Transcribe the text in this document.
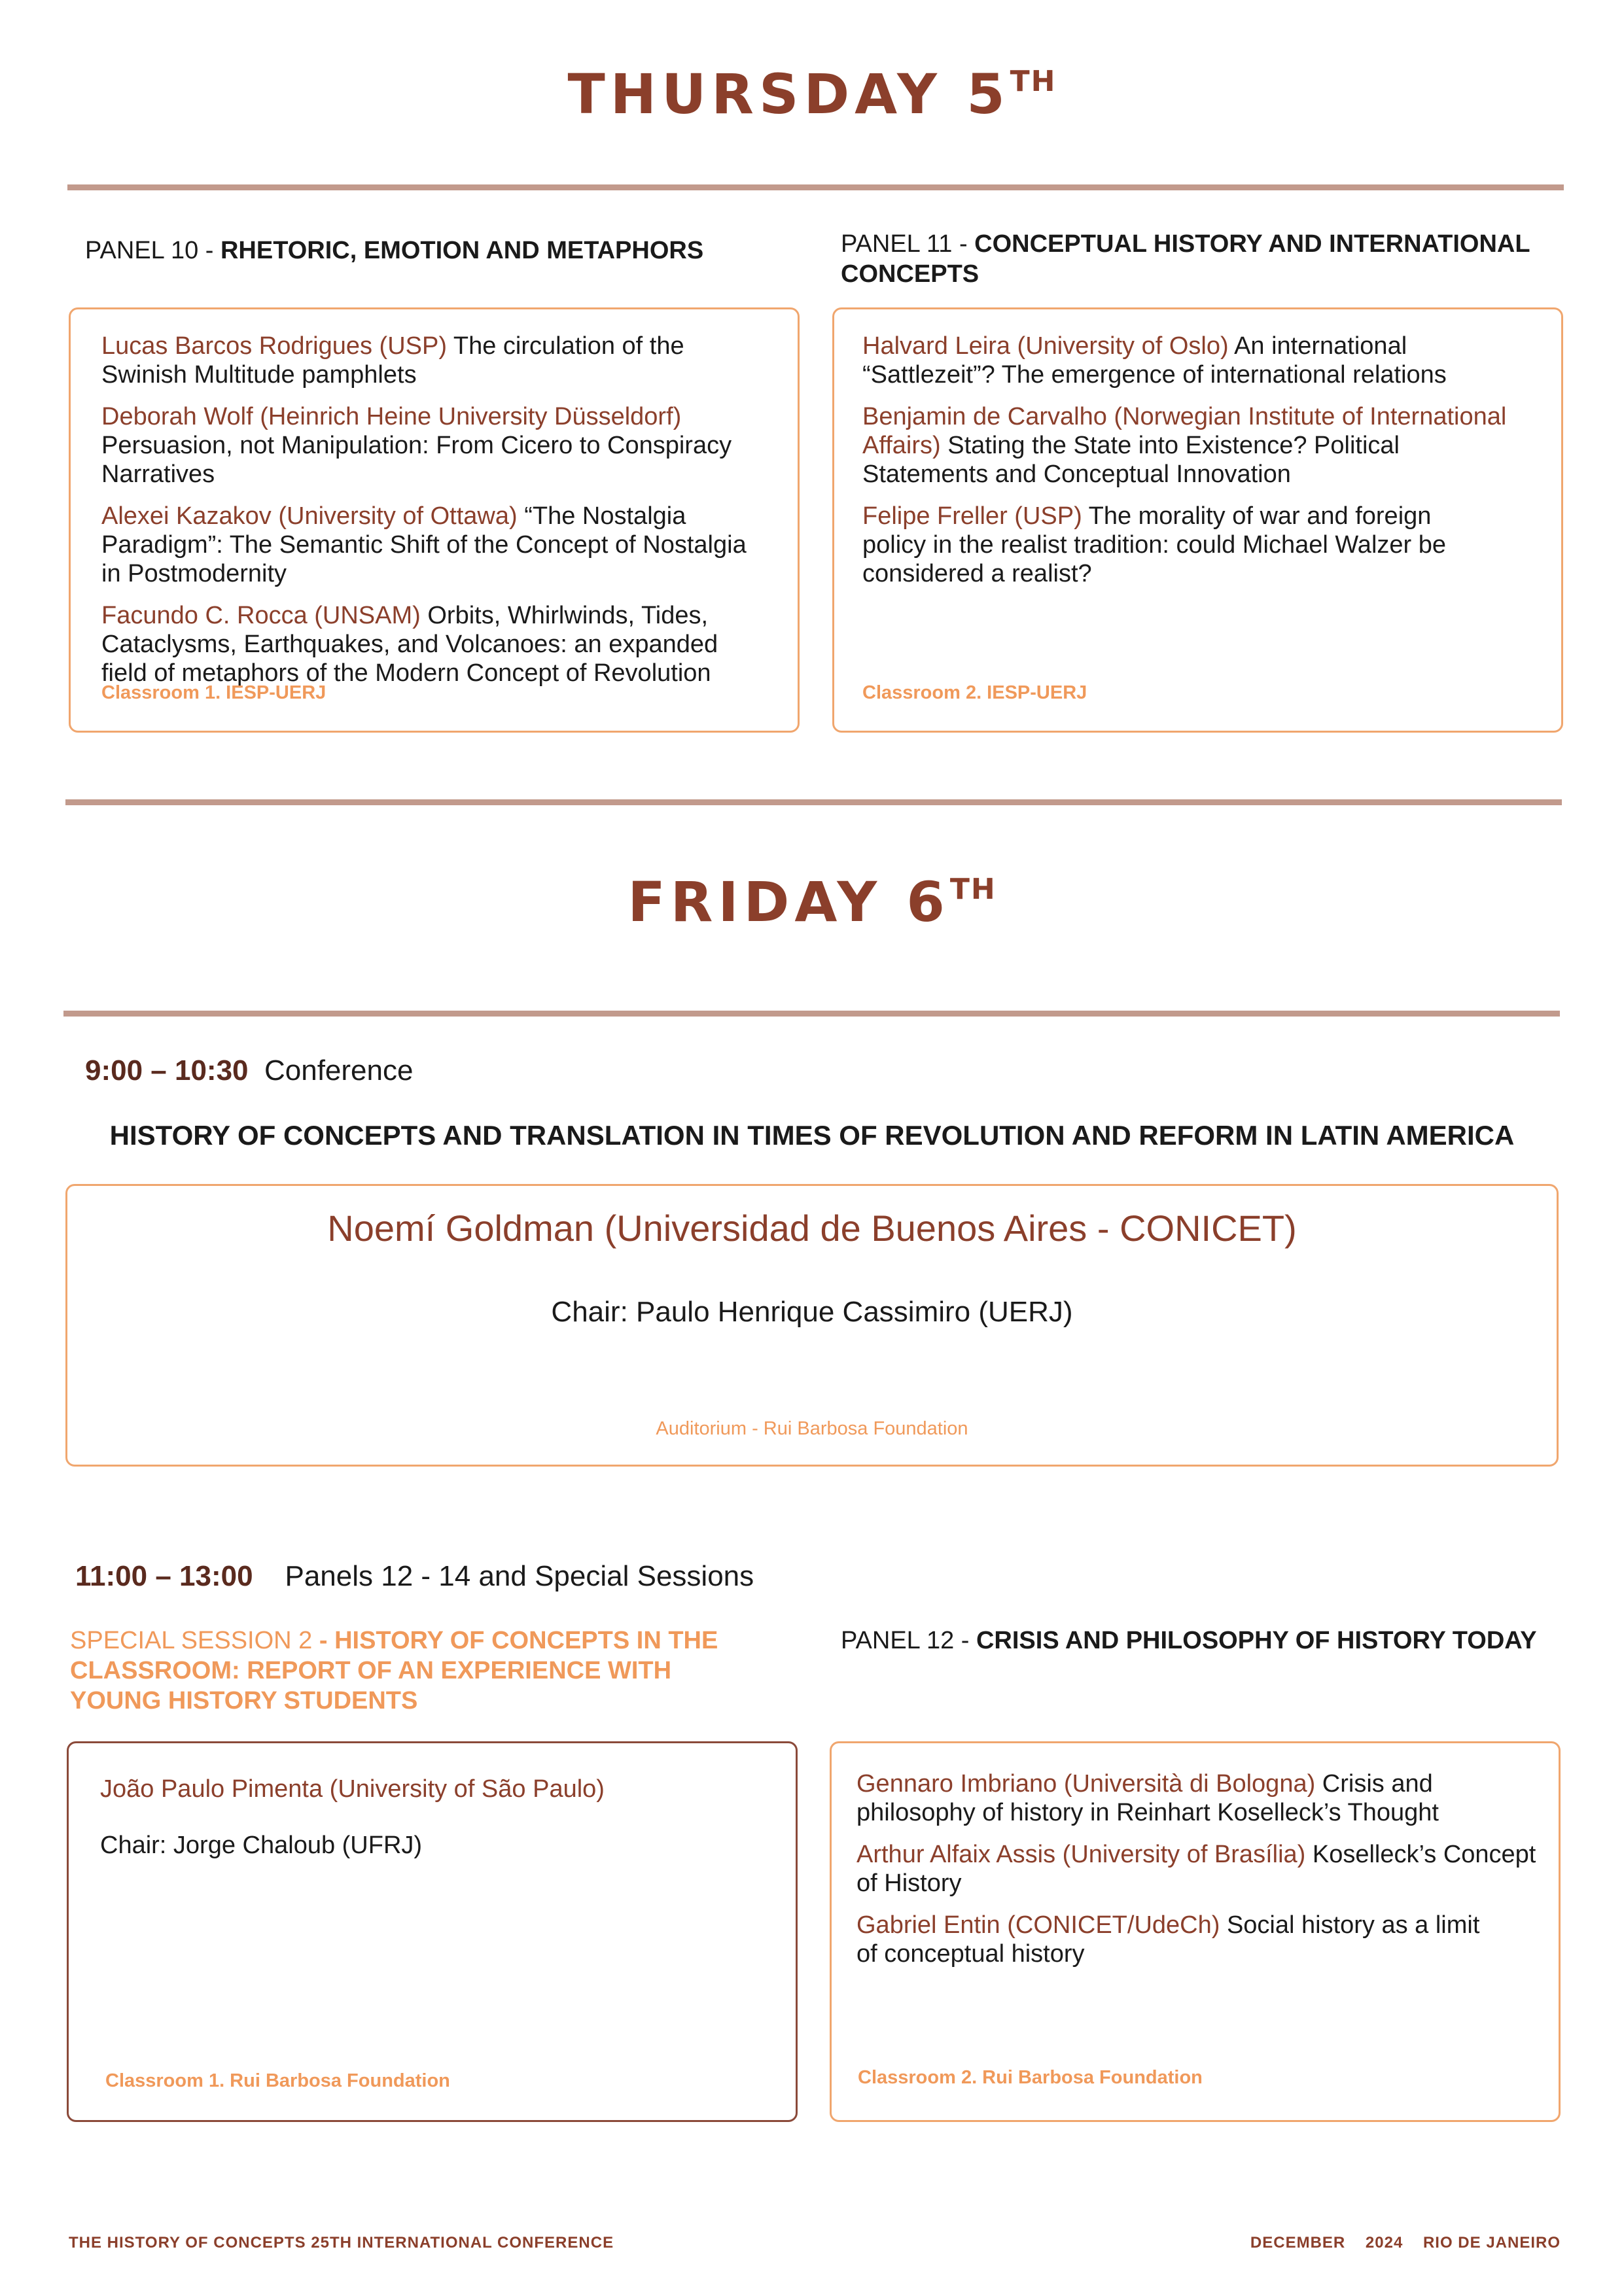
THURSDAY 5TH
PANEL 10 - RHETORIC, EMOTION AND METAPHORS
Lucas Barcos Rodrigues (USP) The circulation of the Swinish Multitude pamphlets
Deborah Wolf (Heinrich Heine University Düsseldorf) Persuasion, not Manipulation: From Cicero to Conspiracy Narratives
Alexei Kazakov (University of Ottawa) “The Nostalgia Paradigm”: The Semantic Shift of the Concept of Nostalgia in Postmodernity
Facundo C. Rocca (UNSAM) Orbits, Whirlwinds, Tides, Cataclysms, Earthquakes, and Volcanoes: an expanded field of metaphors of the Modern Concept of Revolution
Classroom 1. IESP-UERJ
PANEL 11 - CONCEPTUAL HISTORY AND INTERNATIONAL CONCEPTS
Halvard Leira (University of Oslo) An international “Sattlezeit”? The emergence of international relations
Benjamin de Carvalho (Norwegian Institute of International Affairs) Stating the State into Existence? Political Statements and Conceptual Innovation
Felipe Freller (USP) The morality of war and foreign policy in the realist tradition: could Michael Walzer be considered a realist?
Classroom 2. IESP-UERJ
FRIDAY 6TH
9:00 – 10:30 Conference
HISTORY OF CONCEPTS AND TRANSLATION IN TIMES OF REVOLUTION AND REFORM IN LATIN AMERICA
Noemí Goldman (Universidad de Buenos Aires - CONICET)
Chair: Paulo Henrique Cassimiro (UERJ)
Auditorium - Rui Barbosa Foundation
11:00 – 13:00 Panels 12 - 14 and Special Sessions
SPECIAL SESSION 2 - HISTORY OF CONCEPTS IN THE CLASSROOM: REPORT OF AN EXPERIENCE WITH YOUNG HISTORY STUDENTS
João Paulo Pimenta (University of São Paulo)
Chair: Jorge Chaloub (UFRJ)
Classroom 1. Rui Barbosa Foundation
PANEL 12 - CRISIS AND PHILOSOPHY OF HISTORY TODAY
Gennaro Imbriano (Università di Bologna) Crisis and philosophy of history in Reinhart Koselleck’s Thought
Arthur Alfaix Assis (University of Brasília) Koselleck’s Concept of History
Gabriel Entin (CONICET/UdeCh) Social history as a limit of conceptual history
Classroom 2. Rui Barbosa Foundation
THE HISTORY OF CONCEPTS 25TH INTERNATIONAL CONFERENCE	DECEMBER 2024 RIO DE JANEIRO
